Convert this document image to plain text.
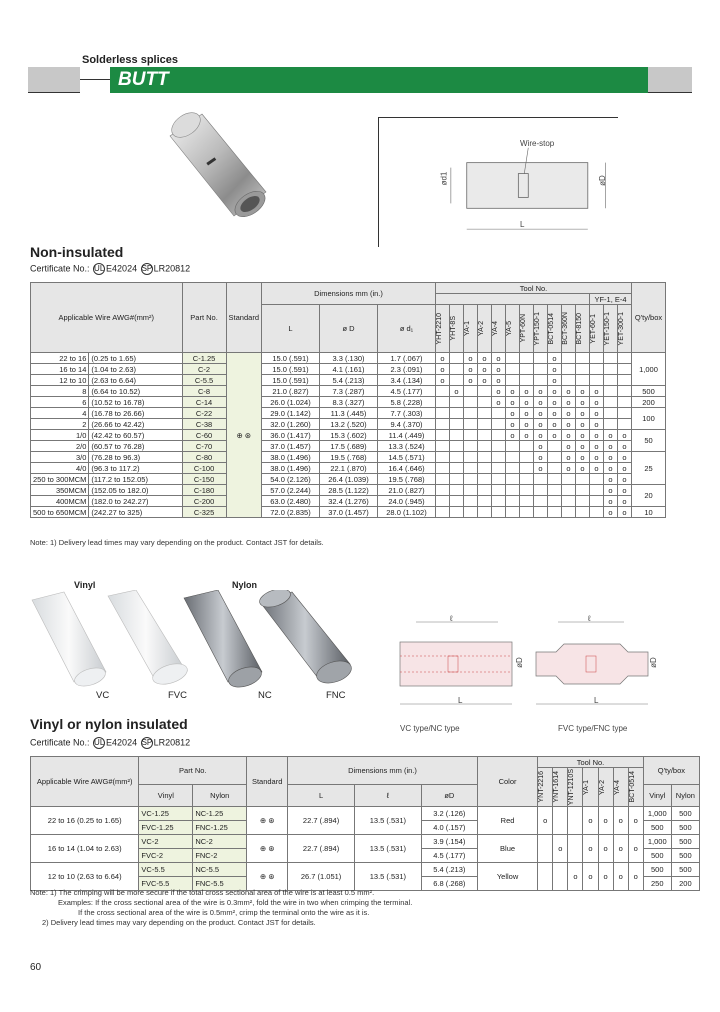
Solderless splices
BUTT
Wire-stop
ød1	øD
L
Non-insulated
Certificate No.: UL E42024 SPLR20812
Applicable Wire AWG#(mm²)		Part No.	Standard	Dimensions mm (in.)			Tool No.														Q'ty/box
																		YF-1, E-4			
				L	ø D	ø d₁	YHT-2210	YHT-8S	YA-1	YA-2	YA-4	YA-5	YPT-60N	YPT-150-1	BCT-0514	BCT-360N	BCT-8150	YET-60-1	YET-150-1	YET-300-1	

22 to 16	(0.25 to 1.65)	C-1.25	⊕ ⊛	15.0 (.591)	3.3 (.130)	1.7 (.067)	o		o	o	o				o						1,000
16 to 14	(1.04 to 2.63)	C-2		15.0 (.591)	4.1 (.161)	2.3 (.091)	o		o	o	o				o						
12 to 10	(2.63 to 6.64)	C-5.5		15.0 (.591)	5.4 (.213)	3.4 (.134)	o		o	o	o				o						
8	(6.64 to 10.52)	C-8		21.0 (.827)	7.3 (.287)	4.5 (.177)		o			o	o	o	o	o	o	o	o			500
6	(10.52 to 16.78)	C-14		26.0 (1.024)	8.3 (.327)	5.8 (.228)					o	o	o	o	o	o	o	o			200
4	(16.78 to 26.66)	C-22		29.0 (1.142)	11.3 (.445)	7.7 (.303)						o	o	o	o	o	o	o			100
2	(26.66 to 42.42)	C-38		32.0 (1.260)	13.2 (.520)	9.4 (.370)						o	o	o	o	o	o	o			
1/0	(42.42 to 60.57)	C-60		36.0 (1.417)	15.3 (.602)	11.4 (.449)						o	o	o	o	o	o	o	o	o	50
2/0	(60.57 to 76.28)	C-70		37.0 (1.457)	17.5 (.689)	13.3 (.524)								o		o	o	o	o	o	
3/0	(76.28 to 96.3)	C-80		38.0 (1.496)	19.5 (.768)	14.5 (.571)								o		o	o	o	o	o	25
4/0	(96.3 to 117.2)	C-100		38.0 (1.496)	22.1 (.870)	16.4 (.646)								o		o	o	o	o	o	
250 to 300MCM	(117.2 to 152.05)	C-150		54.0 (2.126)	26.4 (1.039)	19.5 (.768)													o	o	
350MCM	(152.05 to 182.0)	C-180		57.0 (2.244)	28.5 (1.122)	21.0 (.827)													o	o	20
400MCM	(182.0 to 242.27)	C-200		63.0 (2.480)	32.4 (1.276)	24.0 (.945)													o	o	
500 to 650MCM	(242.27 to 325)	C-325		72.0 (2.835)	37.0 (1.457)	28.0 (1.102)													o	o	10
Note: 1) Delivery lead times may vary depending on the product. Contact JST for details.
Vinyl	Nylon
VC	FVC	NC	FNC
ℓ
L
øD
ℓ
L
øD
VC type/NC type	FVC type/FNC type
Vinyl or nylon insulated
Certificate No.: UL E42024 SPLR20812
Applicable Wire AWG#(mm²)	Part No.		Standard	Dimensions mm (in.)			Color	Tool No.							Q'ty/box	

								YNT-2216	YNT-1614	YNT-1210S	YA-1	YA-2	YA-4	BCT-0514		

	Vinyl	Nylon		L	ℓ	øD									Vinyl	Nylon
22 to 16 (0.25 to 1.65)	VC-1.25	NC-1.25	⊕ ⊛	22.7 (.894)	13.5 (.531)	3.2 (.126)	Red	o			o	o	o	o	1,000	500
	FVC-1.25	FNC-1.25				4.0 (.157)									500	500
16 to 14 (1.04 to 2.63)	VC-2	NC-2	⊕ ⊛	22.7 (.894)	13.5 (.531)	3.9 (.154)	Blue		o		o	o	o	o	1,000	500
	FVC-2	FNC-2				4.5 (.177)									500	500
12 to 10 (2.63 to 6.64)	VC-5.5	NC-5.5	⊕ ⊛	26.7 (1.051)	13.5 (.531)	5.4 (.213)	Yellow			o	o	o	o	o	500	500
	FVC-5.5	FNC-5.5				6.8 (.268)									250	200
Note: 1) The crimping will be more secure if the total cross sectional area of the wire is at least 0.5 mm².
Examples: If the cross sectional area of the wire is 0.3mm², fold the wire in two when crimping the terminal.
If the cross sectional area of the wire is 0.5mm², crimp the terminal onto the wire as it is.
2) Delivery lead times may vary depending on the product. Contact JST for details.
60
